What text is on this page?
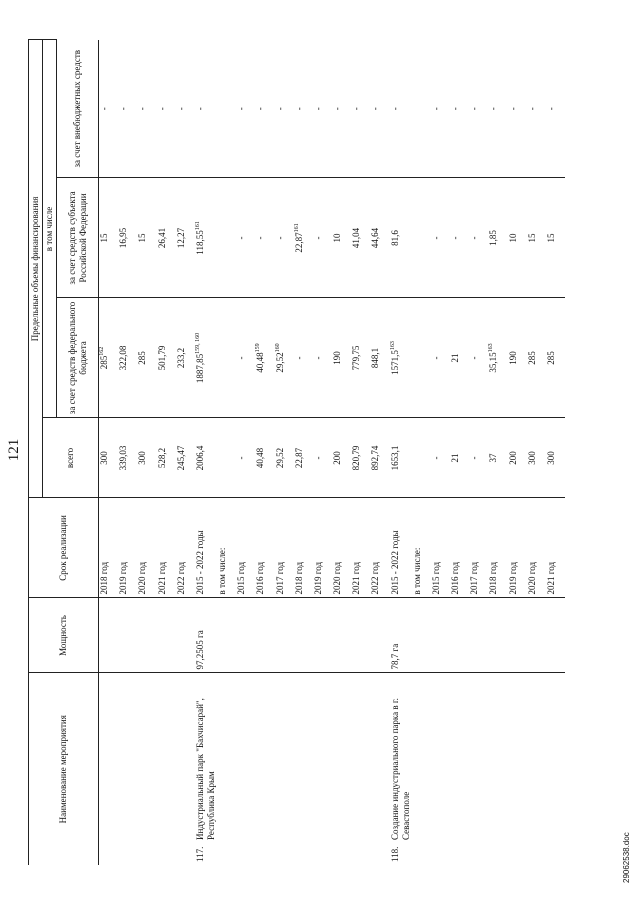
121
Наименование мероприятия		Мощность	Срок реализации	Предельные объемы финансирования			
				всего	в том числе		
					за счет средств федерального бюджета	за счет средств субъекта Российской Федерации	за счет внебюджетных средств
			2018 год	300	$285^{162}$	15	-
			2019 год	339,03	322,08	16,95	-
			2020 год	300	285	15	-
			2021 год	528,2	501,79	26,41	-
			2022 год	245,47	233,2	12,27	-
117.	Индустриальный парк "Бахчисарай", Республика Крым	97,2505 га	2015 - 2022 годы	2006,4	1887,85$^{159, 160}$	118,55$^{161}$	-
			в том числе:				
			2015 год	-	-	-	-
			2016 год	40,48	40,48$^{159}$	-	-
			2017 год	29,52	29,52$^{160}$	-	-
			2018 год	22,87	-	22,87$^{161}$	-
			2019 год	-	-	-	-
			2020 год	200	190	10	-
			2021 год	820,79	779,75	41,04	-
			2022 год	892,74	848,1	44,64	-
118.	Создание индустриального парка в г. Севастополе	78,7 га	2015 - 2022 годы	1653,1	1571,5$^{163}$	81,6	-
			в том числе:				
			2015 год	-	-	-	-
			2016 год	21	21	-	-
			2017 год	-	-	-	-
			2018 год	37	35,15$^{163}$	1,85	-
			2019 год	200	190	10	-
			2020 год	300	285	15	-
			2021 год	300	285	15	-
29062538.doc
